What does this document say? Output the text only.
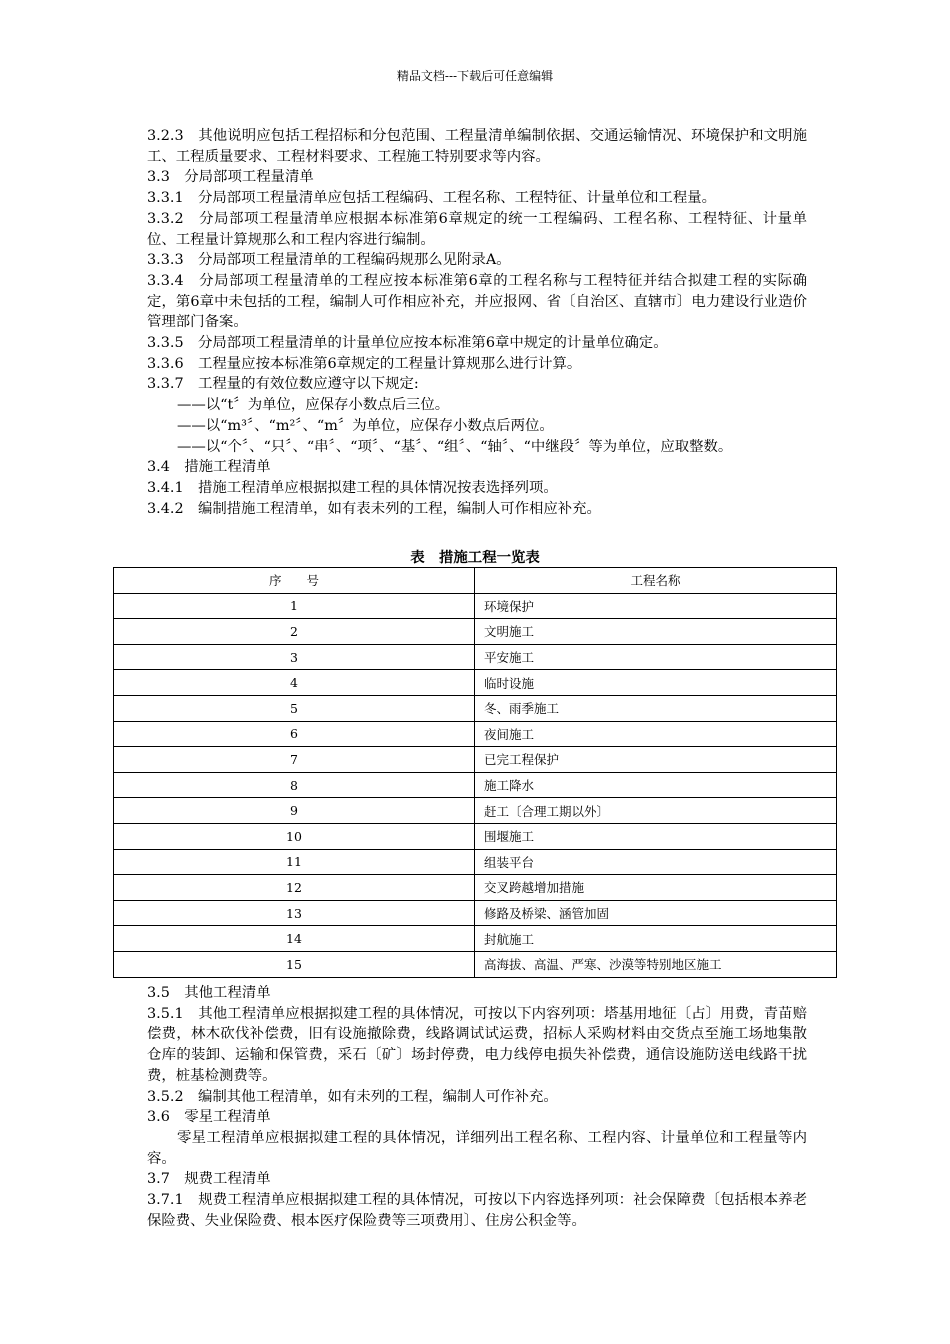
精品文档---下载后可任意编辑

3.2.3　其他说明应包括工程招标和分包范围、工程量清单编制依据、交通运输情况、环境保护和文明施工、工程质量要求、工程材料要求、工程施工特别要求等内容。

3.3　分局部项工程量清单

3.3.1　分局部项工程量清单应包括工程编码、工程名称、工程特征、计量单位和工程量。

3.3.2　分局部项工程量清单应根据本标准第6章规定的统一工程编码、工程名称、工程特征、计量单位、工程量计算规那么和工程内容进行编制。

3.3.3　分局部项工程量清单的工程编码规那么见附录A。

3.3.4　分局部项工程量清单的工程应按本标准第6章的工程名称与工程特征并结合拟建工程的实际确定，第6章中未包括的工程，编制人可作相应补充，并应报网、省〔自治区、直辖市〕电力建设行业造价管理部门备案。

3.3.5　分局部项工程量清单的计量单位应按本标准第6章中规定的计量单位确定。

3.3.6　工程量应按本标准第6章规定的工程量计算规那么进行计算。

3.3.7　工程量的有效位数应遵守以下规定:

——以“t〞为单位，应保存小数点后三位。

——以“m³〞、“m²〞、“m〞为单位，应保存小数点后两位。

——以“个〞、“只〞、“串〞、“项〞、“基〞、“组〞、“轴〞、“中继段〞等为单位，应取整数。

3.4　措施工程清单

3.4.1　措施工程清单应根据拟建工程的具体情况按表选择列项。

3.4.2　编制措施工程清单，如有表未列的工程，编制人可作相应补充。

表　措施工程一览表
序　　号	工程名称
1	环境保护
2	文明施工
3	平安施工
4	临时设施
5	冬、雨季施工
6	夜间施工
7	已完工程保护
8	施工降水
9	赶工〔合理工期以外〕
10	围堰施工
11	组装平台
12	交叉跨越增加措施
13	修路及桥梁、涵管加固
14	封航施工
15	高海拔、高温、严寒、沙漠等特别地区施工

3.5　其他工程清单

3.5.1　其他工程清单应根据拟建工程的具体情况，可按以下内容列项：塔基用地征〔占〕用费，青苗赔偿费，林木砍伐补偿费，旧有设施撤除费，线路调试试运费，招标人采购材料由交货点至施工场地集散仓库的装卸、运输和保管费，采石〔矿〕场封停费，电力线停电损失补偿费，通信设施防送电线路干扰费，桩基检测费等。

3.5.2　编制其他工程清单，如有未列的工程，编制人可作补充。

3.6　零星工程清单

零星工程清单应根据拟建工程的具体情况，详细列出工程名称、工程内容、计量单位和工程量等内容。

3.7　规费工程清单

3.7.1　规费工程清单应根据拟建工程的具体情况，可按以下内容选择列项：社会保障费〔包括根本养老保险费、失业保险费、根本医疗保险费等三项费用〕、住房公积金等。
